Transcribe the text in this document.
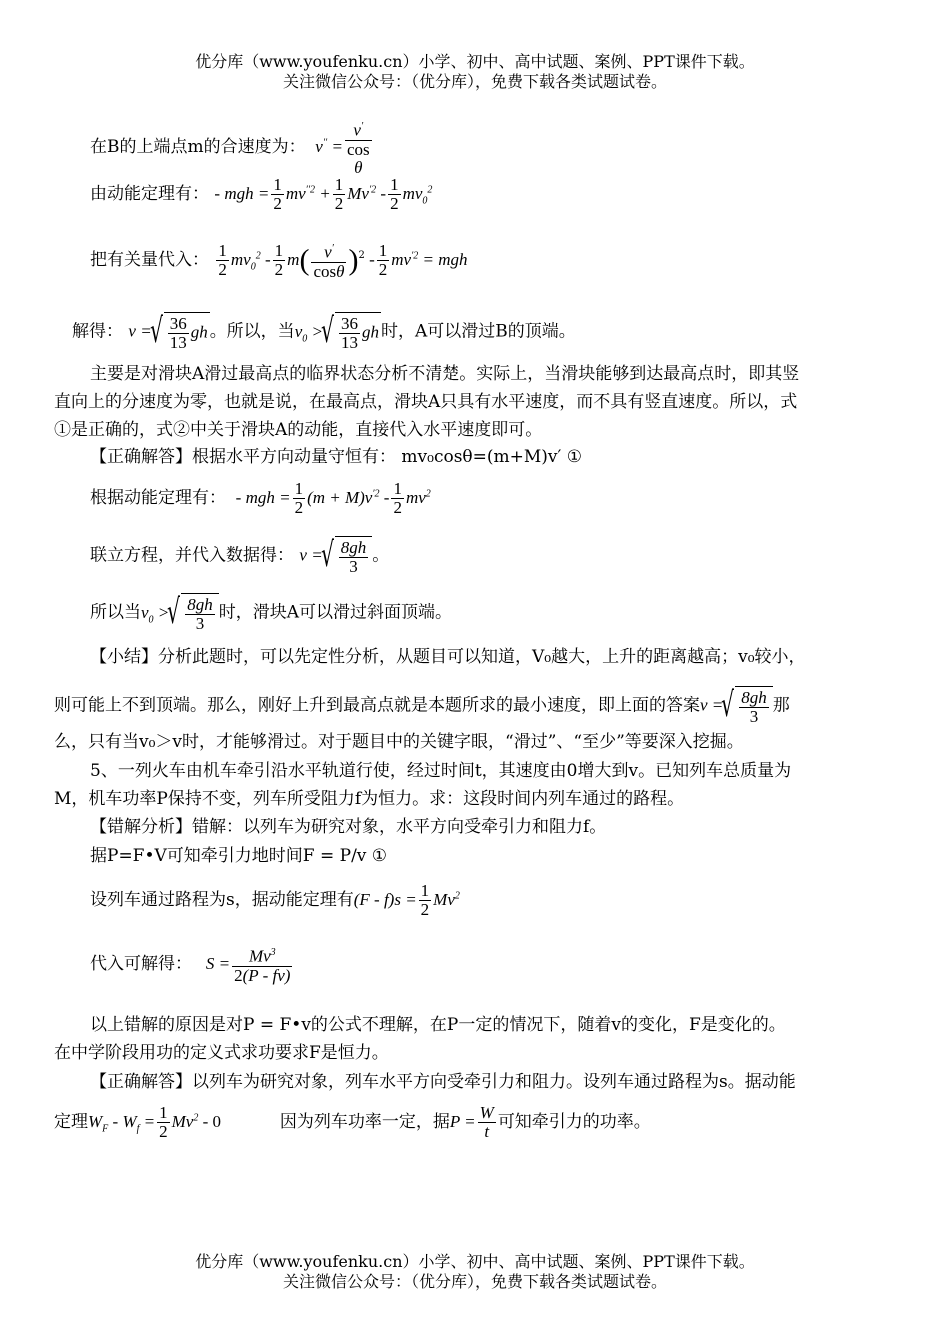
优分库（www.youfenku.cn）小学、初中、高中试题、案例、PPT课件下载。
关注微信公众号：（优分库），免费下载各类试题试卷。
在B的上端点m的合速度为：  v′′ =
v′
cos
θ
由动能定理有： - mgh = $\frac{1}{2} mv^{''2} + \frac{1}{2} Mv^{'2} - \frac{1}{2} mv_0^2$
把有关量代入： $\frac{1}{2} mv_0^2 - \frac{1}{2} m( \frac{v'}{\cos\theta} )^2 - \frac{1}{2} mv^{'2}$ = mgh
解得： v = √ $\frac{36}{13}$ gh 。所以，当$v_0$ > √ $\frac{36}{13}$ gh 时，A可以滑过B的顶端。
主要是对滑块A滑过最高点的临界状态分析不清楚。实际上，当滑块能够到达最高点时，即其竖
直向上的分速度为零，也就是说，在最高点，滑块A只具有水平速度，而不具有竖直速度。所以，式
①是正确的，式②中关于滑块A的动能，直接代入水平速度即可。
【正确解答】根据水平方向动量守恒有： mv₀cosθ=(m+M)v′ ①
根据动能定理有：  - mgh = $\frac{1}{2} (m + M)v^{'2} - \frac{1}{2} mv^2$
联立方程，并代入数据得： v = √ $\frac{8gh}{3}$ 。
所以当$v_0$ > √ $\frac{8gh}{3}$ 时，滑块A可以滑过斜面顶端。
【小结】分析此题时，可以先定性分析，从题目可以知道，V₀越大，上升的距离越高；v₀较小，
则可能上不到顶端。那么，刚好上升到最高点就是本题所求的最小速度，即上面的答案v = √ $\frac{8gh}{3}$ 那
么，只有当v₀＞v时，才能够滑过。对于题目中的关键字眼，“滑过”、“至少”等要深入挖掘。
5、一列火车由机车牵引沿水平轨道行使，经过时间t，其速度由0增大到v。已知列车总质量为
M，机车功率P保持不变，列车所受阻力f为恒力。求：这段时间内列车通过的路程。
【错解分析】错解：以列车为研究对象，水平方向受牵引力和阻力f。
据P=F•V可知牵引力地时间F = P/v ①
设列车通过路程为s，据动能定理有$(F - f)s = \frac{1}{2} Mv^2$
代入可解得：   $S = \frac{Mv^3}{2(P - fv)}$
以上错解的原因是对P = F•v的公式不理解，在P一定的情况下，随着v的变化，F是变化的。
在中学阶段用功的定义式求功要求F是恒力。
【正确解答】以列车为研究对象，列车水平方向受牵引力和阻力。设列车通过路程为s。据动能
定理$W_F - W_f = \frac{1}{2} Mv^2 - 0$	因为列车功率一定，据$P = \frac{W}{t}$ 可知牵引力的功率。
优分库（www.youfenku.cn）小学、初中、高中试题、案例、PPT课件下载。
关注微信公众号：（优分库），免费下载各类试题试卷。
